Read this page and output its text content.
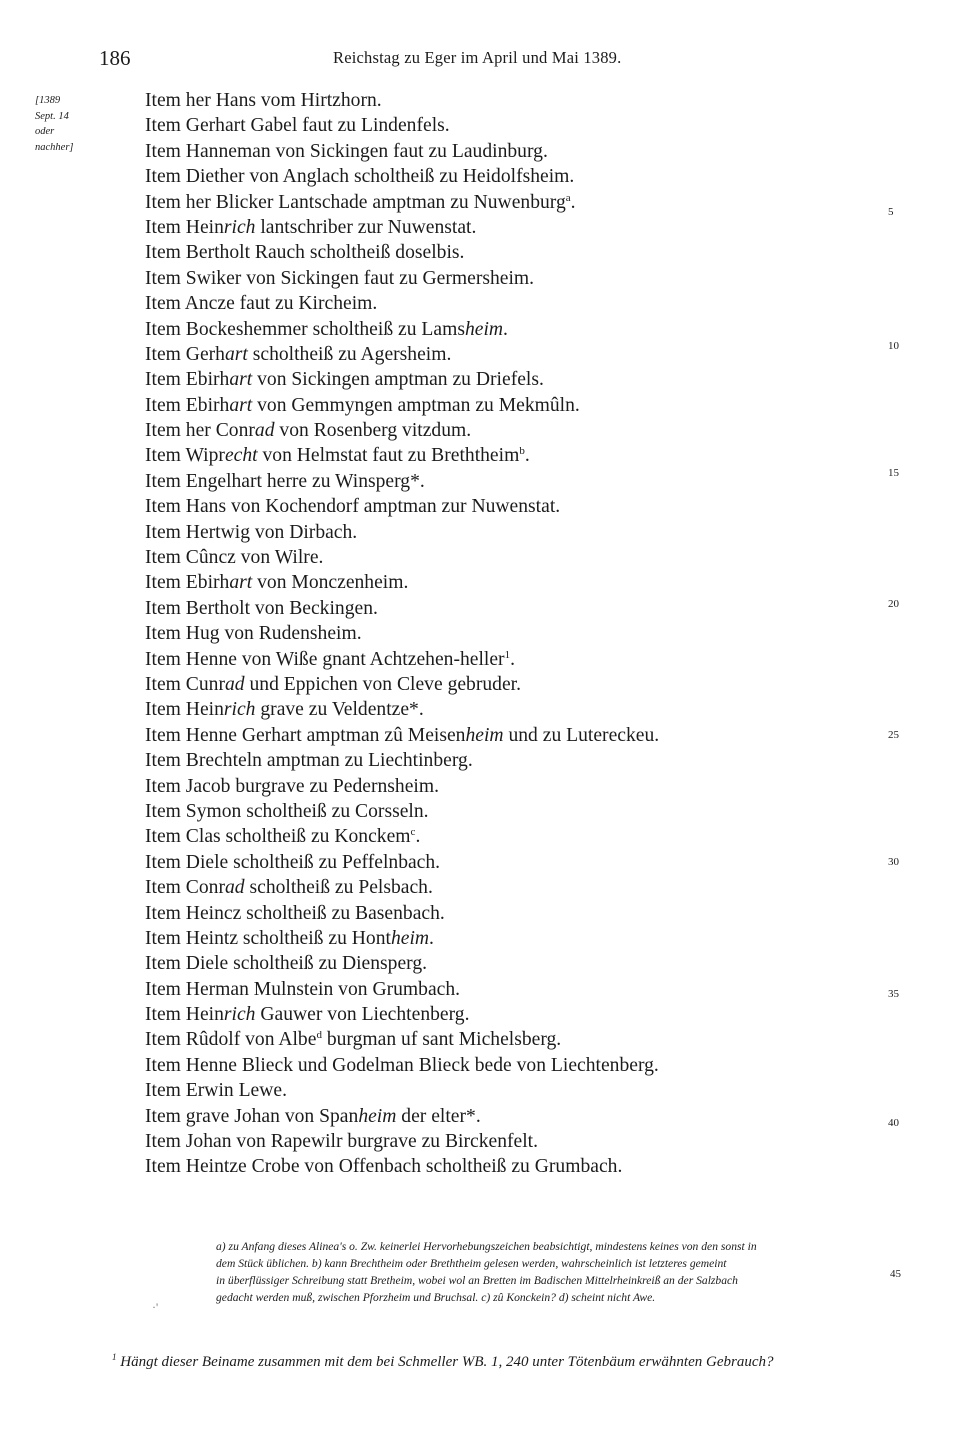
186	Reichstag zu Eger im April und Mai 1389.
[1389
Sept. 14
oder
nachher]
Item her Hans vom Hirtzhorn.
Item Gerhart Gabel faut zu Lindenfels.
Item Hanneman von Sickingen faut zu Laudinburg.
Item Diether von Anglach scholtheiß zu Heidolfsheim.
Item her Blicker Lantschade amptman zu Nuwenburg$^a$.
Item Heinrich lantschriber zur Nuwenstat.
Item Bertholt Rauch scholtheiß doselbis.
Item Swiker von Sickingen faut zu Germersheim.
Item Ancze faut zu Kircheim.
Item Bockeshemmer scholtheiß zu Lamsheim.
Item Gerhart scholtheiß zu Agersheim.
Item Ebirhart von Sickingen amptman zu Driefels.
Item Ebirhart von Gemmyngen amptman zu Mekmûln.
Item her Conrad von Rosenberg vitzdum.
Item Wiprecht von Helmstat faut zu Breththeim$^b$.
Item Engelhart herre zu Winsperg*.
Item Hans von Kochendorf amptman zur Nuwenstat.
Item Hertwig von Dirbach.
Item Cûncz von Wilre.
Item Ebirhart von Monczenheim.
Item Bertholt von Beckingen.
Item Hug von Rudensheim.
Item Henne von Wiße gnant Achtzehen-heller$^1$.
Item Cunrad und Eppichen von Cleve gebruder.
Item Heinrich grave zu Veldentze*.
Item Henne Gerhart amptman zû Meisenheim und zu Lutereckeu.
Item Brechteln amptman zu Liechtinberg.
Item Jacob burgrave zu Pedernsheim.
Item Symon scholtheiß zu Corsseln.
Item Clas scholtheiß zu Konckem$^c$.
Item Diele scholtheiß zu Peffelnbach.
Item Conrad scholtheiß zu Pelsbach.
Item Heincz scholtheiß zu Basenbach.
Item Heintz scholtheiß zu Hontheim.
Item Diele scholtheiß zu Diensperg.
Item Herman Mulnstein von Grumbach.
Item Heinrich Gauwer von Liechtenberg.
Item Rûdolf von Albe$^d$ burgman uf sant Michelsberg.
Item Henne Blieck und Godelman Blieck bede von Liechtenberg.
Item Erwin Lewe.
Item grave Johan von Spanheim der elter*.
Item Johan von Rapewilr burgrave zu Birckenfelt.
Item Heintze Crobe von Offenbach scholtheiß zu Grumbach.
5
10
15
20
25
30
35
40
a) zu Anfang dieses Alinea's o. Zw. keinerlei Hervorhebungszeichen beabsichtigt, mindestens keines von den sonst in
dem Stück üblichen. b) kann Brechtheim oder Breththeim gelesen werden, wahrscheinlich ist letzteres gemeint
in überflüssiger Schreibung statt Bretheim, wobei wol an Bretten im Badischen Mittelrheinkreiß an der Salzbach
gedacht werden muß, zwischen Pforzheim und Bruchsal. c) zû Konckein? d) scheint nicht Awe.
45
·'
$^1$ Hängt dieser Beiname zusammen mit dem bei Schmeller WB. 1, 240 unter Tötenbäum erwähnten Gebrauch?
